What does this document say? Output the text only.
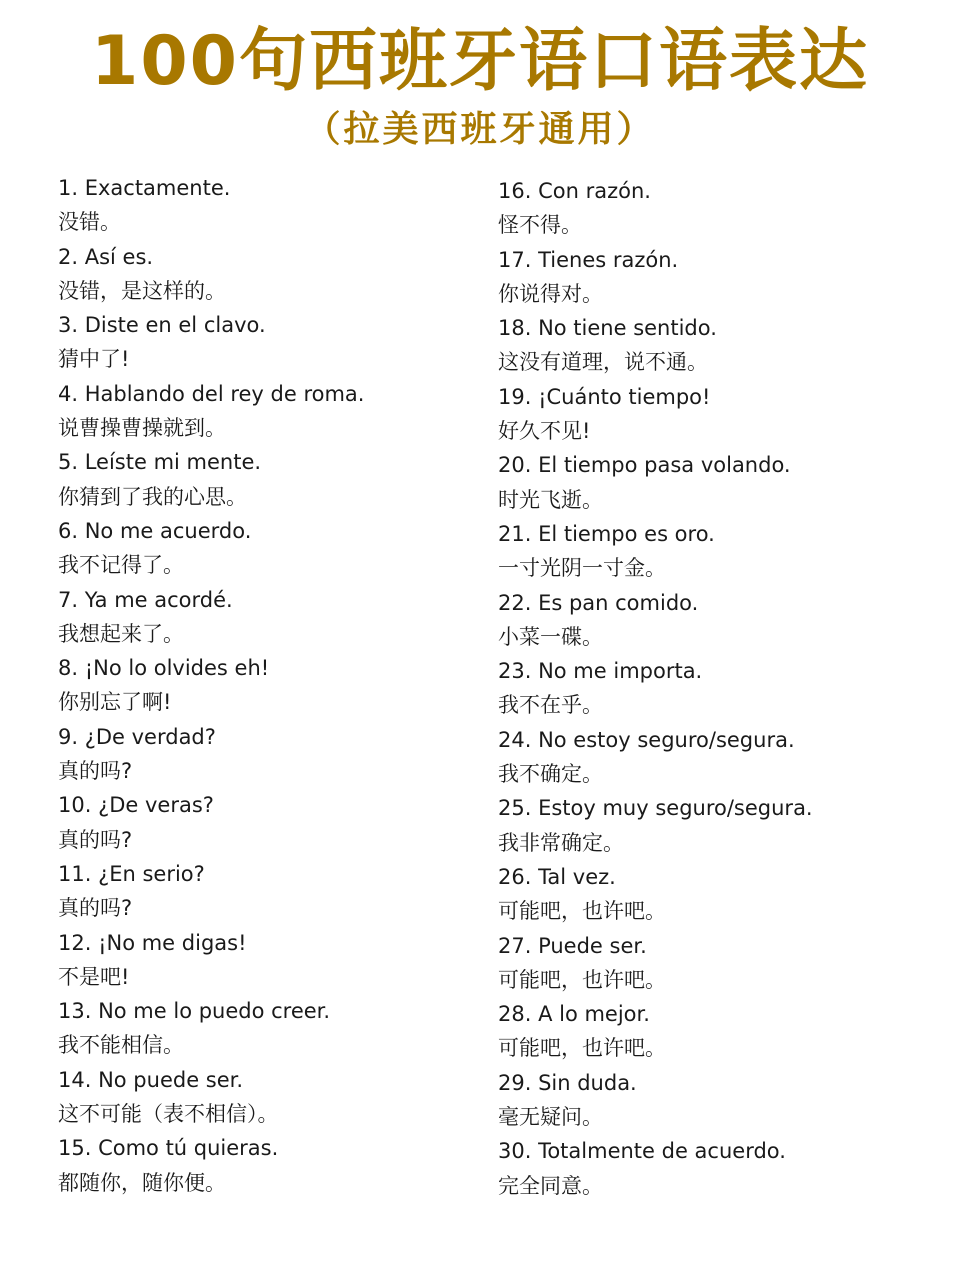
100句西班牙语口语表达
（拉美西班牙通用）
1. Exactamente.
没错。
2. Así es.
没错，是这样的。
3. Diste en el clavo.
猜中了!
4. Hablando del rey de roma.
说曹操曹操就到。
5. Leíste mi mente.
你猜到了我的心思。
6. No me acuerdo.
我不记得了。
7. Ya me acordé.
我想起来了。
8. ¡No lo olvides eh!
你别忘了啊!
9. ¿De verdad?
真的吗?
10. ¿De veras?
真的吗?
11. ¿En serio?
真的吗?
12. ¡No me digas!
不是吧!
13. No me lo puedo creer.
我不能相信。
14. No puede ser.
这不可能（表不相信）。
15. Como tú quieras.
都随你，随你便。
16. Con razón.
怪不得。
17. Tienes razón.
你说得对。
18. No tiene sentido.
这没有道理，说不通。
19. ¡Cuánto tiempo!
好久不见!
20. El tiempo pasa volando.
时光飞逝。
21. El tiempo es oro.
一寸光阴一寸金。
22. Es pan comido.
小菜一碟。
23. No me importa.
我不在乎。
24. No estoy seguro/segura.
我不确定。
25. Estoy muy seguro/segura.
我非常确定。
26. Tal vez.
可能吧，也许吧。
27. Puede ser.
可能吧，也许吧。
28. A lo mejor.
可能吧，也许吧。
29. Sin duda.
毫无疑问。
30. Totalmente de acuerdo.
完全同意。
